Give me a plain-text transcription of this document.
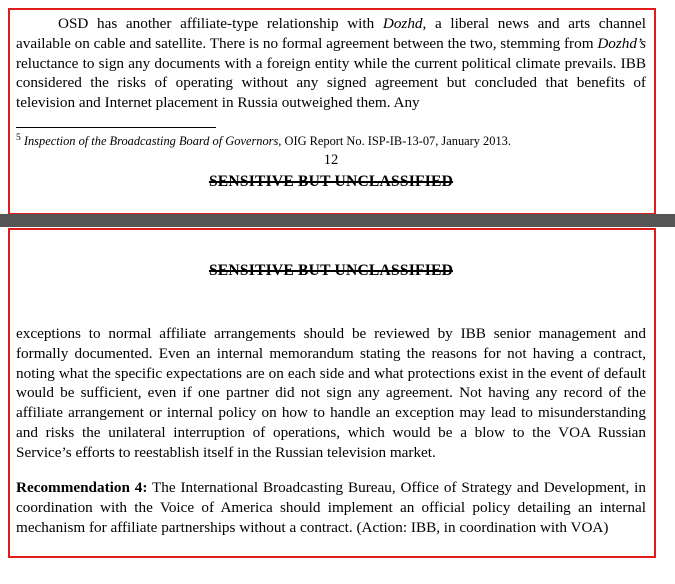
OSD has another affiliate-type relationship with Dozhd, a liberal news and arts channel available on cable and satellite. There is no formal agreement between the two, stemming from Dozhd’s reluctance to sign any documents with a foreign entity while the current political climate prevails. IBB considered the risks of operating without any signed agreement but concluded that benefits of television and Internet placement in Russia outweighed them. Any

$^5$ Inspection of the Broadcasting Board of Governors, OIG Report No. ISP-IB-13-07, January 2013.
12
SENSITIVE BUT UNCLASSIFIED
SENSITIVE BUT UNCLASSIFIED

exceptions to normal affiliate arrangements should be reviewed by IBB senior management and formally documented. Even an internal memorandum stating the reasons for not having a contract, noting what the specific expectations are on each side and what protections exist in the event of default would be sufficient, even if one partner did not sign any agreement. Not having any record of the affiliate arrangement or internal policy on how to handle an exception may lead to misunderstanding and risks the unilateral interruption of operations, which would be a blow to the VOA Russian Service’s efforts to reestablish itself in the Russian television market.

Recommendation 4: The International Broadcasting Bureau, Office of Strategy and Development, in coordination with the Voice of America should implement an official policy detailing an internal mechanism for affiliate partnerships without a contract. (Action: IBB, in coordination with VOA)
